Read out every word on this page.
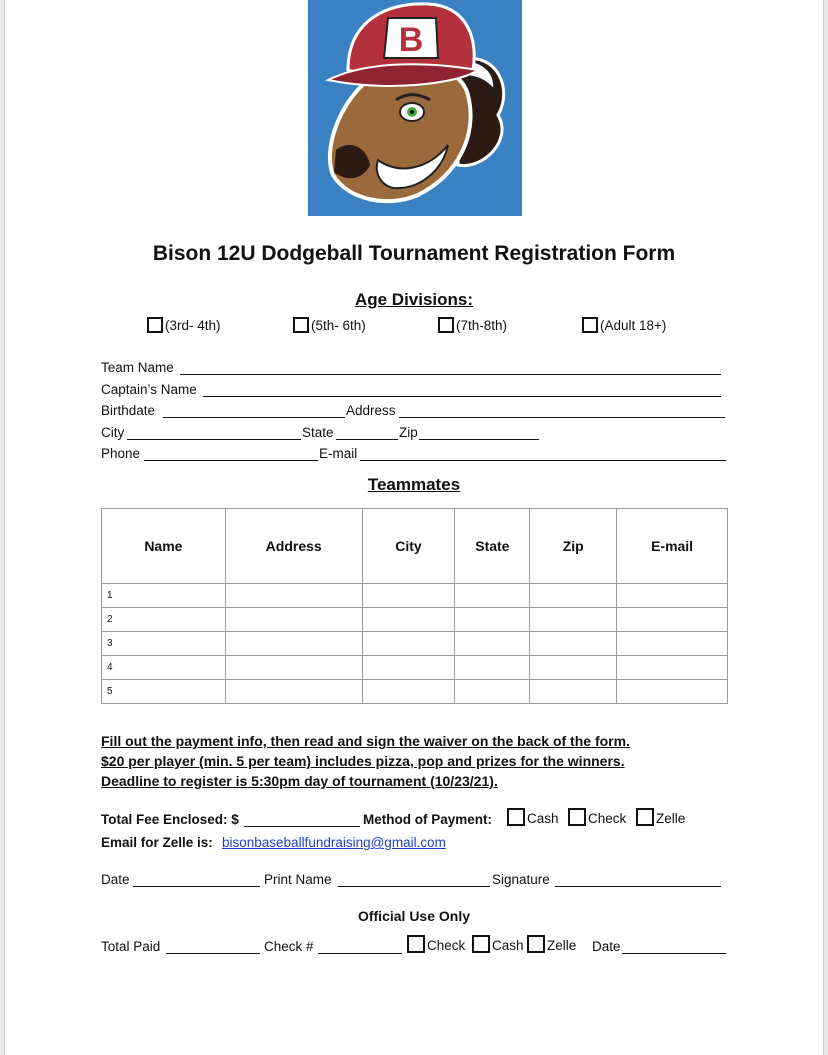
B
Bison 12U Dodgeball Tournament Registration Form
Age Divisions:
(3rd- 4th)	(5th- 6th)	(7th-8th)	(Adult 18+)
Team Name
Captain’s Name
Birthdate	Address
City	State	Zip
Phone	E-mail
Teammates
Name	Address	City	State	Zip	E-mail
1					
2					
3					
4					
5					
Fill out the payment info, then read and sign the waiver on the back of the form.
$20 per player (min. 5 per team) includes pizza, pop and prizes for the winners.
Deadline to register is 5:30pm day of tournament (10/23/21).
Total Fee Enclosed: $	Method of Payment:	Cash	Check	Zelle
Email for Zelle is: bisonbaseballfundraising@gmail.com
Date	Print Name	Signature
Official Use Only
Total Paid	Check #	Check	Cash	Zelle Date
